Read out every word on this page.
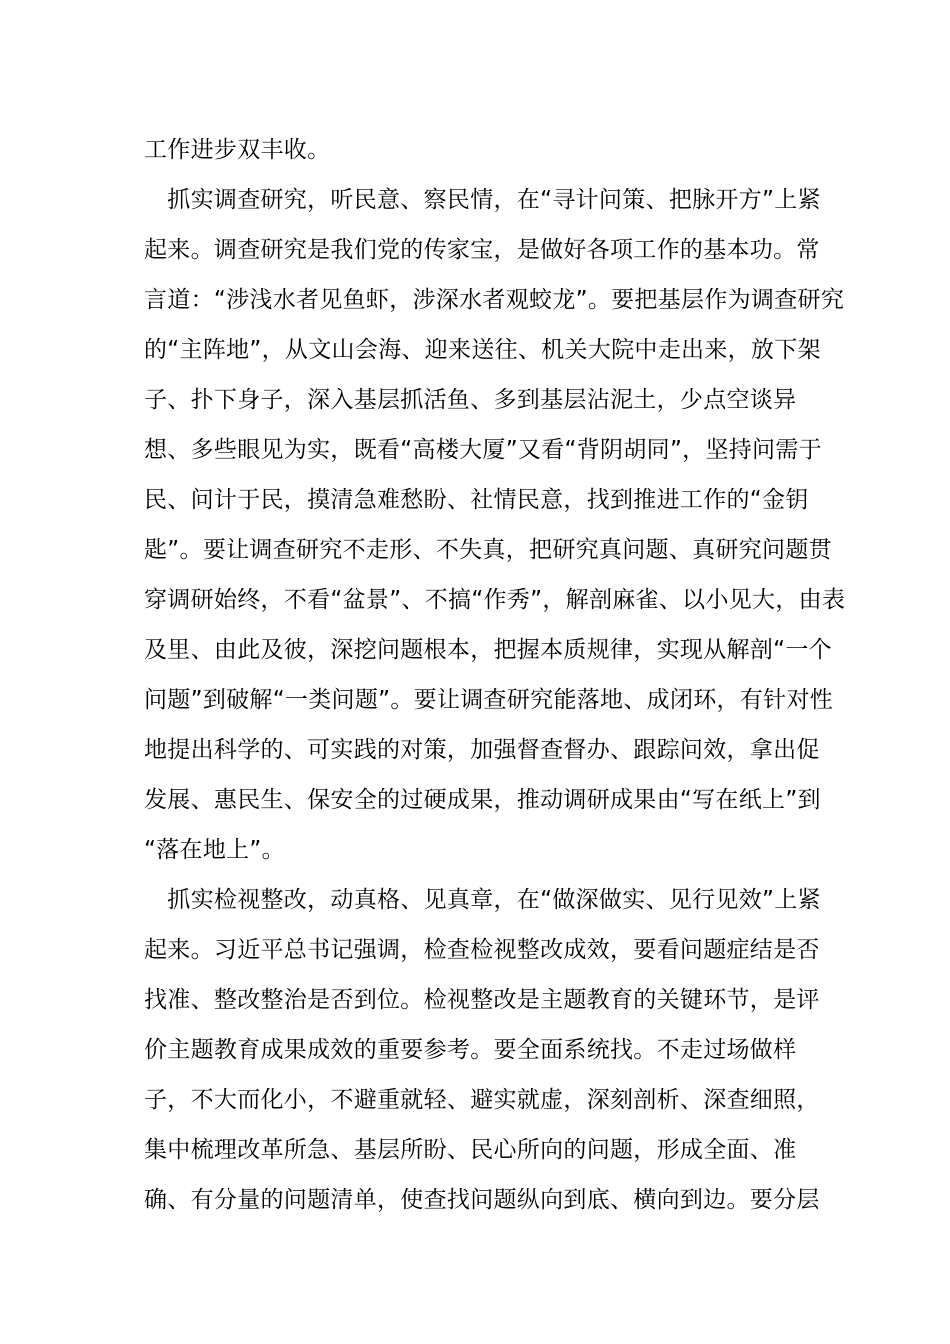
工作进步双丰收。
　抓实调查研究，听民意、察民情，在“寻计问策、把脉开方”上紧
起来。调查研究是我们党的传家宝，是做好各项工作的基本功。常
言道：“涉浅水者见鱼虾，涉深水者观蛟龙”。要把基层作为调查研究
的“主阵地”，从文山会海、迎来送往、机关大院中走出来，放下架
子、扑下身子，深入基层抓活鱼、多到基层沾泥土，少点空谈异
想、多些眼见为实，既看“高楼大厦”又看“背阴胡同”，坚持问需于
民、问计于民，摸清急难愁盼、社情民意，找到推进工作的“金钥
匙”。要让调查研究不走形、不失真，把研究真问题、真研究问题贯
穿调研始终，不看“盆景”、不搞“作秀”，解剖麻雀、以小见大，由表
及里、由此及彼，深挖问题根本，把握本质规律，实现从解剖“一个
问题”到破解“一类问题”。要让调查研究能落地、成闭环，有针对性
地提出科学的、可实践的对策，加强督查督办、跟踪问效，拿出促
发展、惠民生、保安全的过硬成果，推动调研成果由“写在纸上”到
“落在地上”。
　抓实检视整改，动真格、见真章，在“做深做实、见行见效”上紧
起来。习近平总书记强调，检查检视整改成效，要看问题症结是否
找准、整改整治是否到位。检视整改是主题教育的关键环节，是评
价主题教育成果成效的重要参考。要全面系统找。不走过场做样
子，不大而化小，不避重就轻、避实就虚，深刻剖析、深查细照，
集中梳理改革所急、基层所盼、民心所向的问题，形成全面、准
确、有分量的问题清单，使查找问题纵向到底、横向到边。要分层
